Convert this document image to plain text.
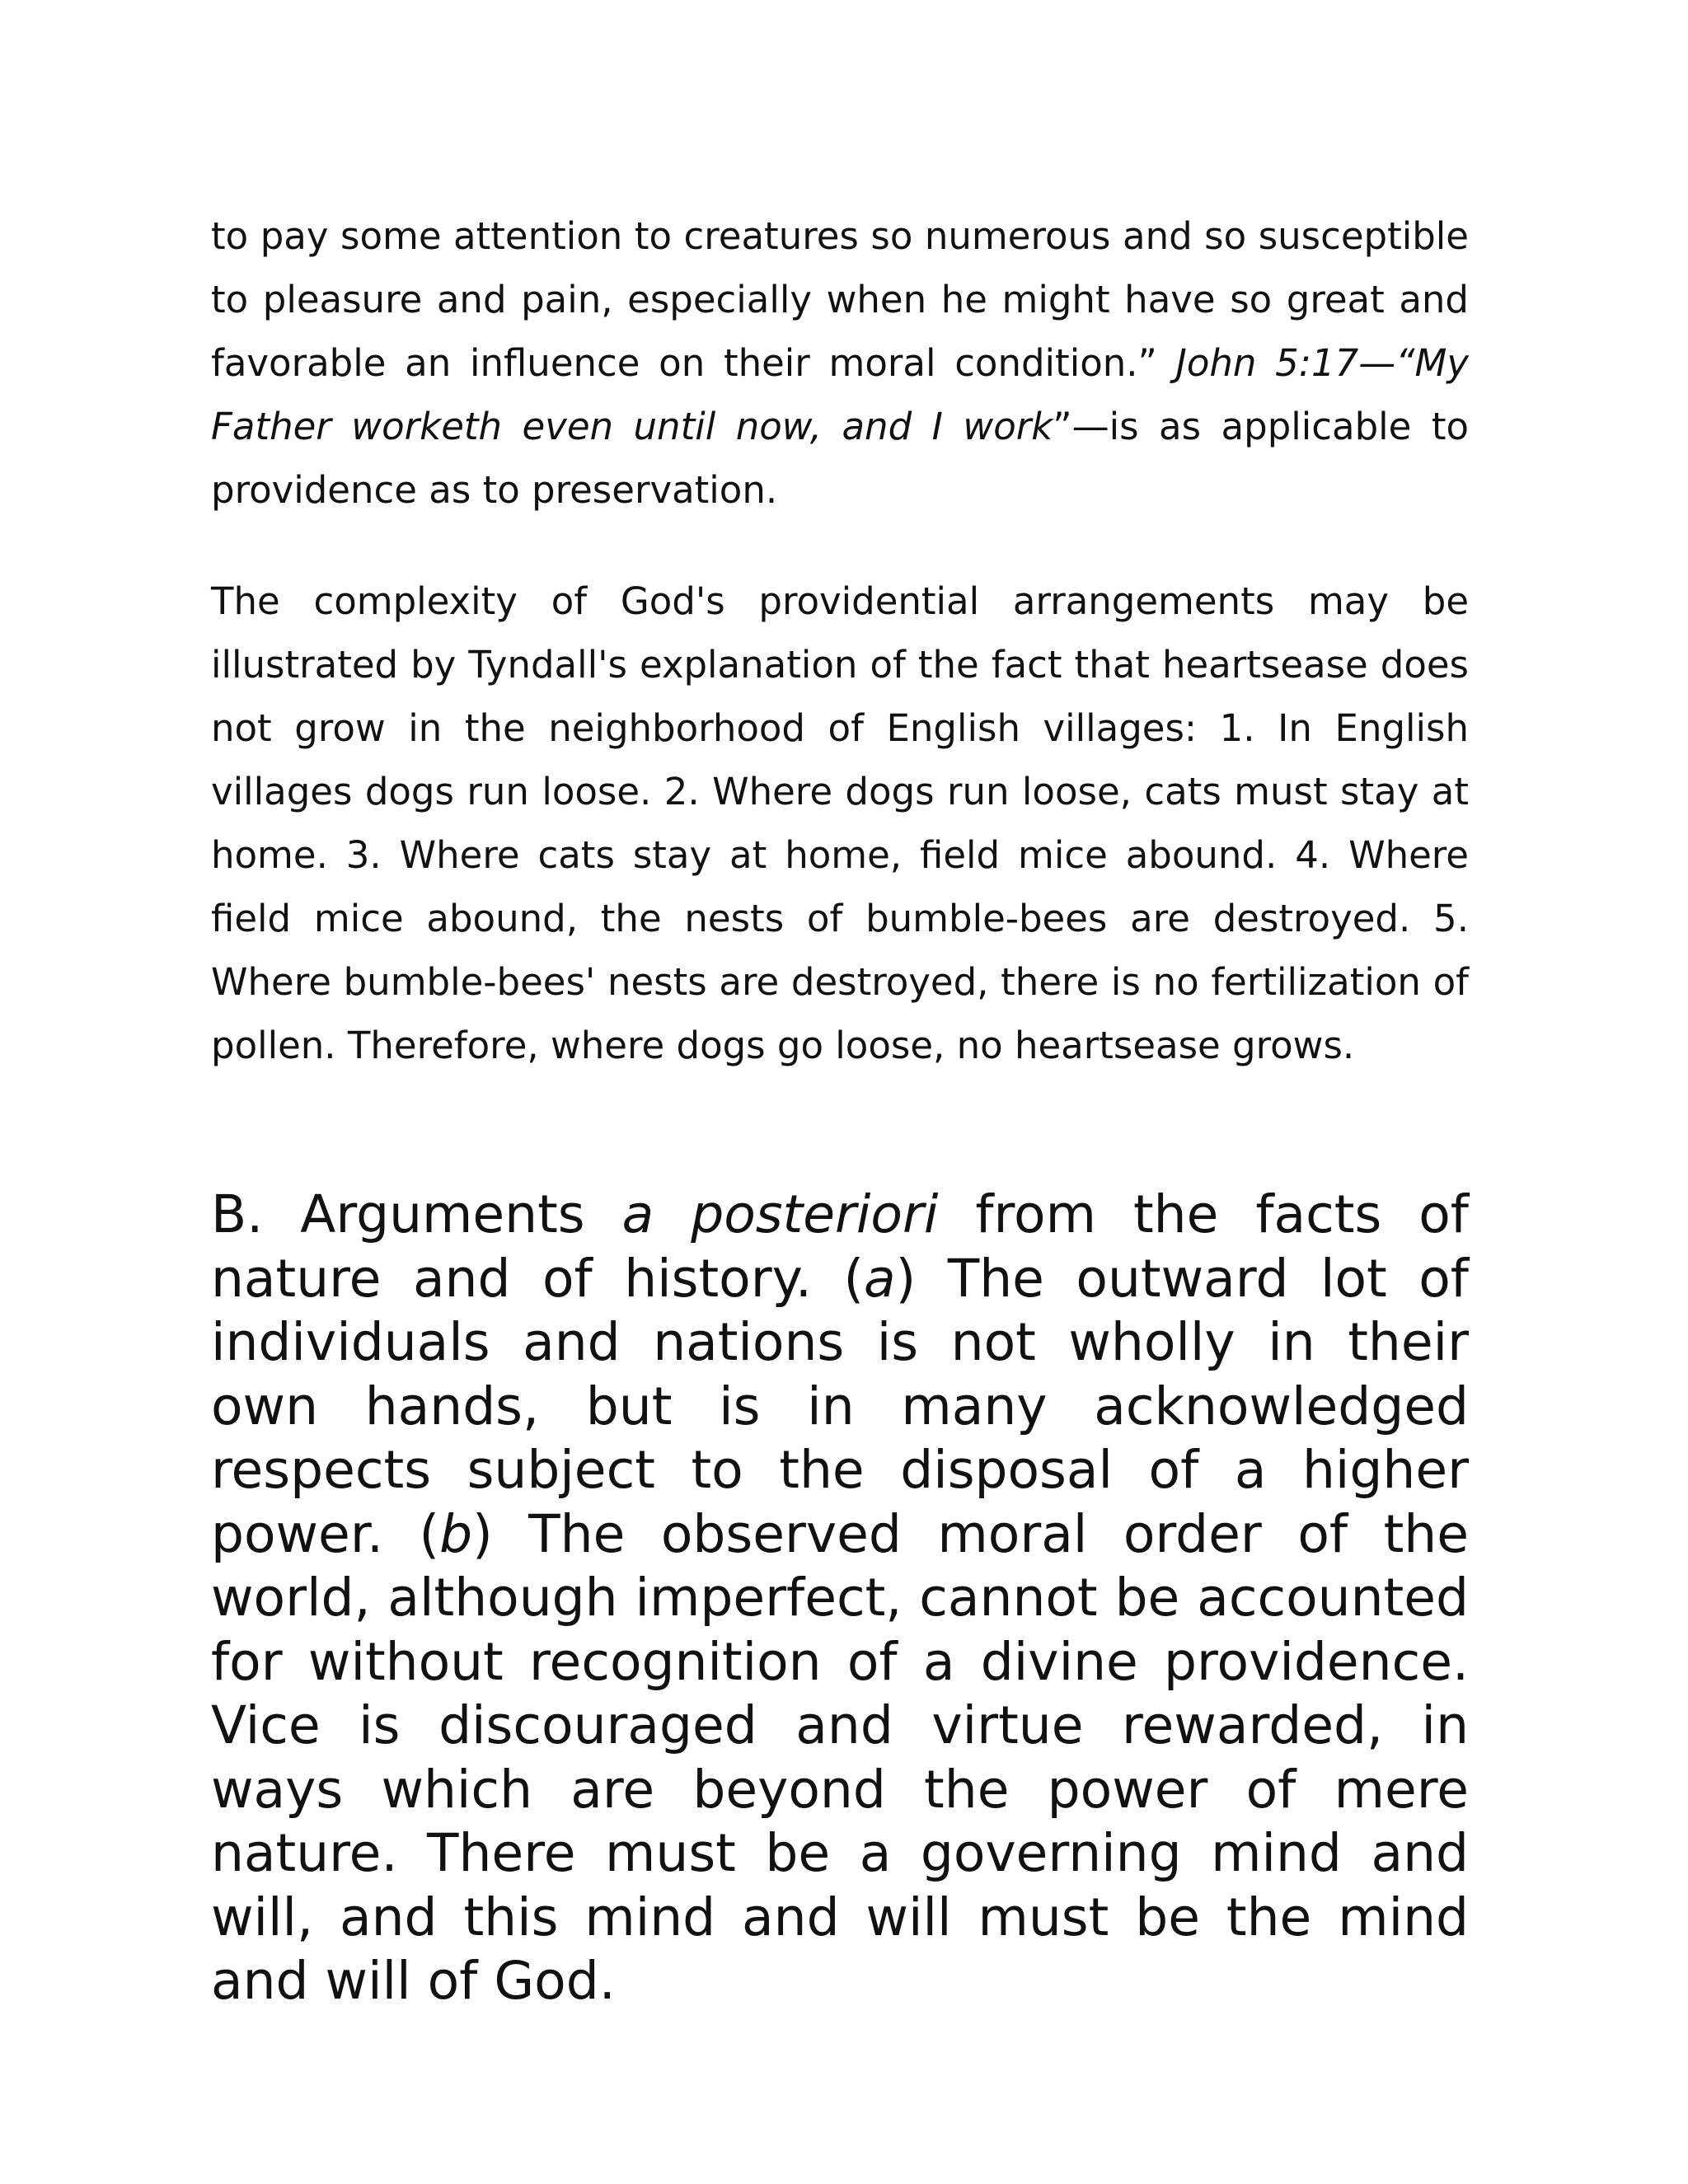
to pay some attention to creatures so numerous and so susceptible to pleasure and pain, especially when he might have so great and favorable an influence on their moral condition.” John 5:17—“My Father worketh even until now, and I work”—is as applicable to providence as to preservation.

The complexity of God's providential arrangements may be illustrated by Tyndall's explanation of the fact that heartsease does not grow in the neighborhood of English villages: 1. In English villages dogs run loose. 2. Where dogs run loose, cats must stay at home. 3. Where cats stay at home, field mice abound. 4. Where field mice abound, the nests of bumble-bees are destroyed. 5. Where bumble-bees' nests are destroyed, there is no fertilization of pollen. Therefore, where dogs go loose, no heartsease grows.

B. Arguments a posteriori from the facts of nature and of history. (a) The outward lot of individuals and nations is not wholly in their own hands, but is in many acknowledged respects subject to the disposal of a higher power. (b) The observed moral order of the world, although imperfect, cannot be accounted for without recognition of a divine providence. Vice is discouraged and virtue rewarded, in ways which are beyond the power of mere nature. There must be a governing mind and will, and this mind and will must be the mind and will of God.
